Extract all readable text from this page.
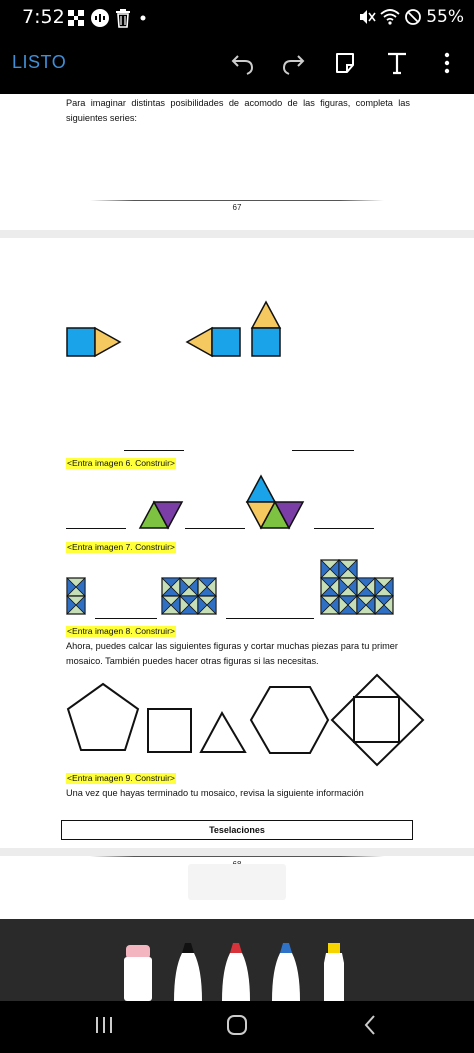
7:52	55%
LISTO

Para imaginar distintas posibilidades de acomodo de las figuras, completa las siguientes series:

67
<Entra imagen 6. Construir>
<Entra imagen 7. Construir>
<Entra imagen 8. Construir>

Ahora, puedes calcar las siguientes figuras y cortar muchas piezas para tu primer mosaico. También puedes hacer otras figuras si las necesitas.

<Entra imagen 9. Construir>

Una vez que hayas terminado tu mosaico, revisa la siguiente información

Teselaciones
